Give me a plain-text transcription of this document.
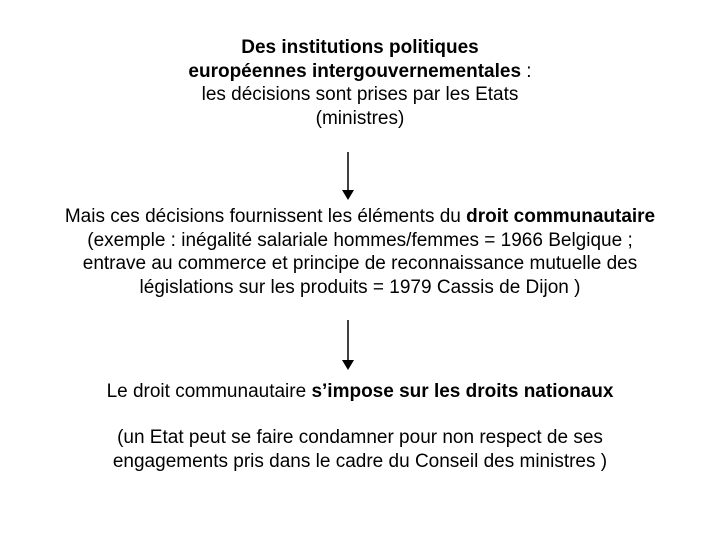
Des institutions politiques
européennes intergouvernementales :
les décisions sont prises par les Etats
(ministres)
Mais ces décisions fournissent les éléments du droit communautaire
(exemple : inégalité salariale hommes/femmes = 1966 Belgique ;
entrave au commerce et principe de reconnaissance mutuelle des
législations sur les produits = 1979 Cassis de Dijon )
Le droit communautaire s’impose sur les droits nationaux
(un Etat peut se faire condamner pour non respect de ses
engagements pris dans le cadre du Conseil des ministres )
